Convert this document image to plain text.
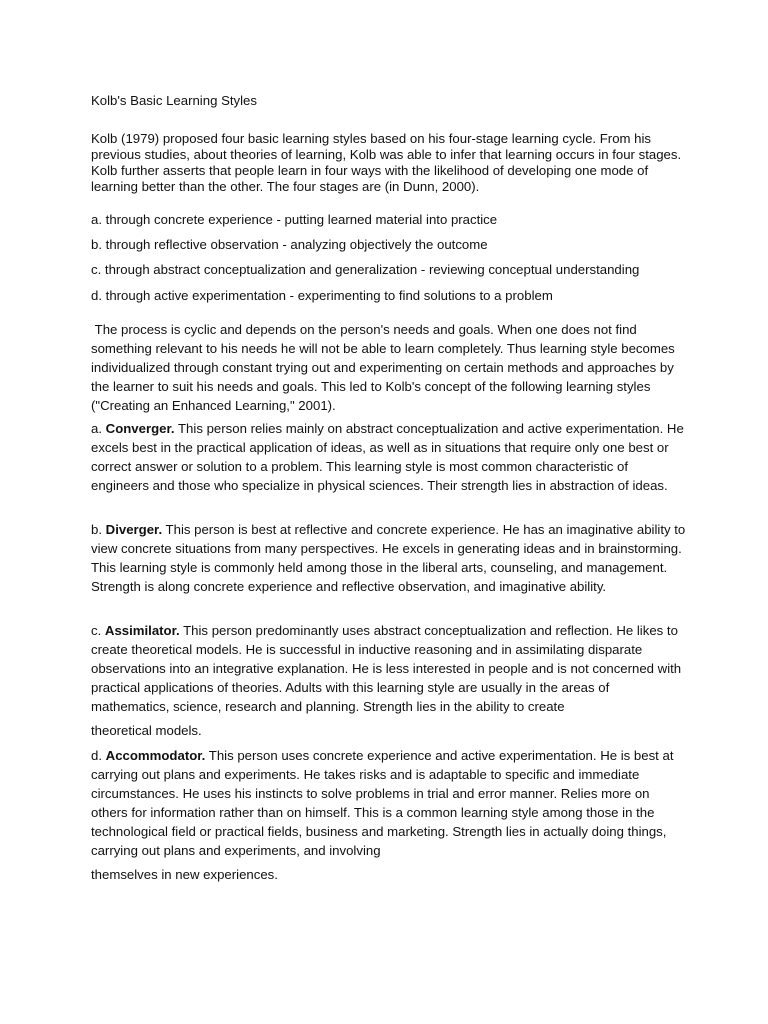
Kolb's Basic Learning Styles
Kolb (1979) proposed four basic learning styles based on his four-stage learning cycle. From his previous studies, about theories of learning, Kolb was able to infer that learning occurs in four stages. Kolb further asserts that people learn in four ways with the likelihood of developing one mode of learning better than the other. The four stages are (in Dunn, 2000).
a. through concrete experience - putting learned material into practice
b. through reflective observation - analyzing objectively the outcome
c. through abstract conceptualization and generalization - reviewing conceptual understanding
d. through active experimentation - experimenting to find solutions to a problem
The process is cyclic and depends on the person's needs and goals. When one does not find something relevant to his needs he will not be able to learn completely. Thus learning style becomes individualized through constant trying out and experimenting on certain methods and approaches by the learner to suit his needs and goals. This led to Kolb's concept of the following learning styles ("Creating an Enhanced Learning," 2001).
a. Converger. This person relies mainly on abstract conceptualization and active experimentation. He excels best in the practical application of ideas, as well as in situations that require only one best or correct answer or solution to a problem. This learning style is most common characteristic of engineers and those who specialize in physical sciences. Their strength lies in abstraction of ideas.
b. Diverger. This person is best at reflective and concrete experience. He has an imaginative ability to view concrete situations from many perspectives. He excels in generating ideas and in brainstorming. This learning style is commonly held among those in the liberal arts, counseling, and management. Strength is along concrete experience and reflective observation, and imaginative ability.
c. Assimilator. This person predominantly uses abstract conceptualization and reflection. He likes to create theoretical models. He is successful in inductive reasoning and in assimilating disparate observations into an integrative explanation. He is less interested in people and is not concerned with practical applications of theories. Adults with this learning style are usually in the areas of mathematics, science, research and planning. Strength lies in the ability to create
theoretical models.
d. Accommodator. This person uses concrete experience and active experimentation. He is best at carrying out plans and experiments. He takes risks and is adaptable to specific and immediate circumstances. He uses his instincts to solve problems in trial and error manner. Relies more on others for information rather than on himself. This is a common learning style among those in the technological field or practical fields, business and marketing. Strength lies in actually doing things, carrying out plans and experiments, and involving
themselves in new experiences.
